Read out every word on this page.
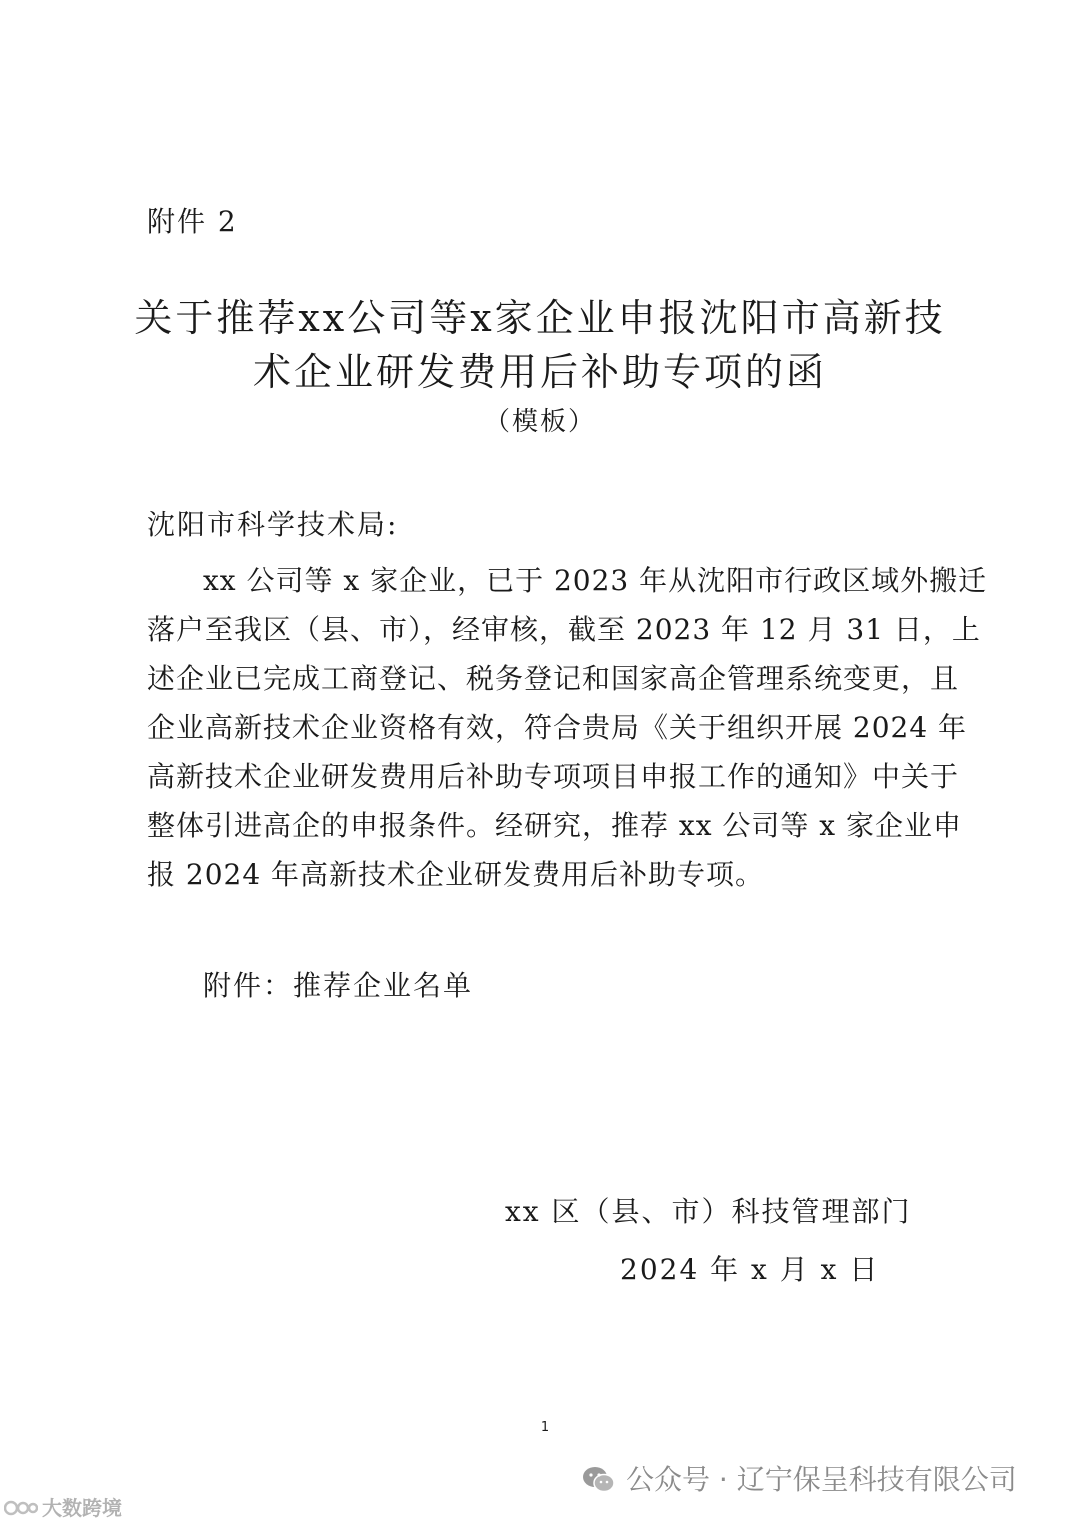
附件 2
关于推荐xx公司等x家企业申报沈阳市高新技
术企业研发费用后补助专项的函
（模板）
沈阳市科学技术局:
xx 公司等 x 家企业，已于 2023 年从沈阳市行政区域外搬迁
落户至我区（县、市），经审核，截至 2023 年 12 月 31 日，上
述企业已完成工商登记、税务登记和国家高企管理系统变更，且
企业高新技术企业资格有效，符合贵局《关于组织开展 2024 年
高新技术企业研发费用后补助专项项目申报工作的通知》中关于
整体引进高企的申报条件。经研究，推荐 xx 公司等 x 家企业申
报 2024 年高新技术企业研发费用后补助专项。
附件：推荐企业名单
xx 区（县、市）科技管理部门
2024 年 x 月 x 日
1
公众号 · 辽宁保呈科技有限公司
大数跨境
